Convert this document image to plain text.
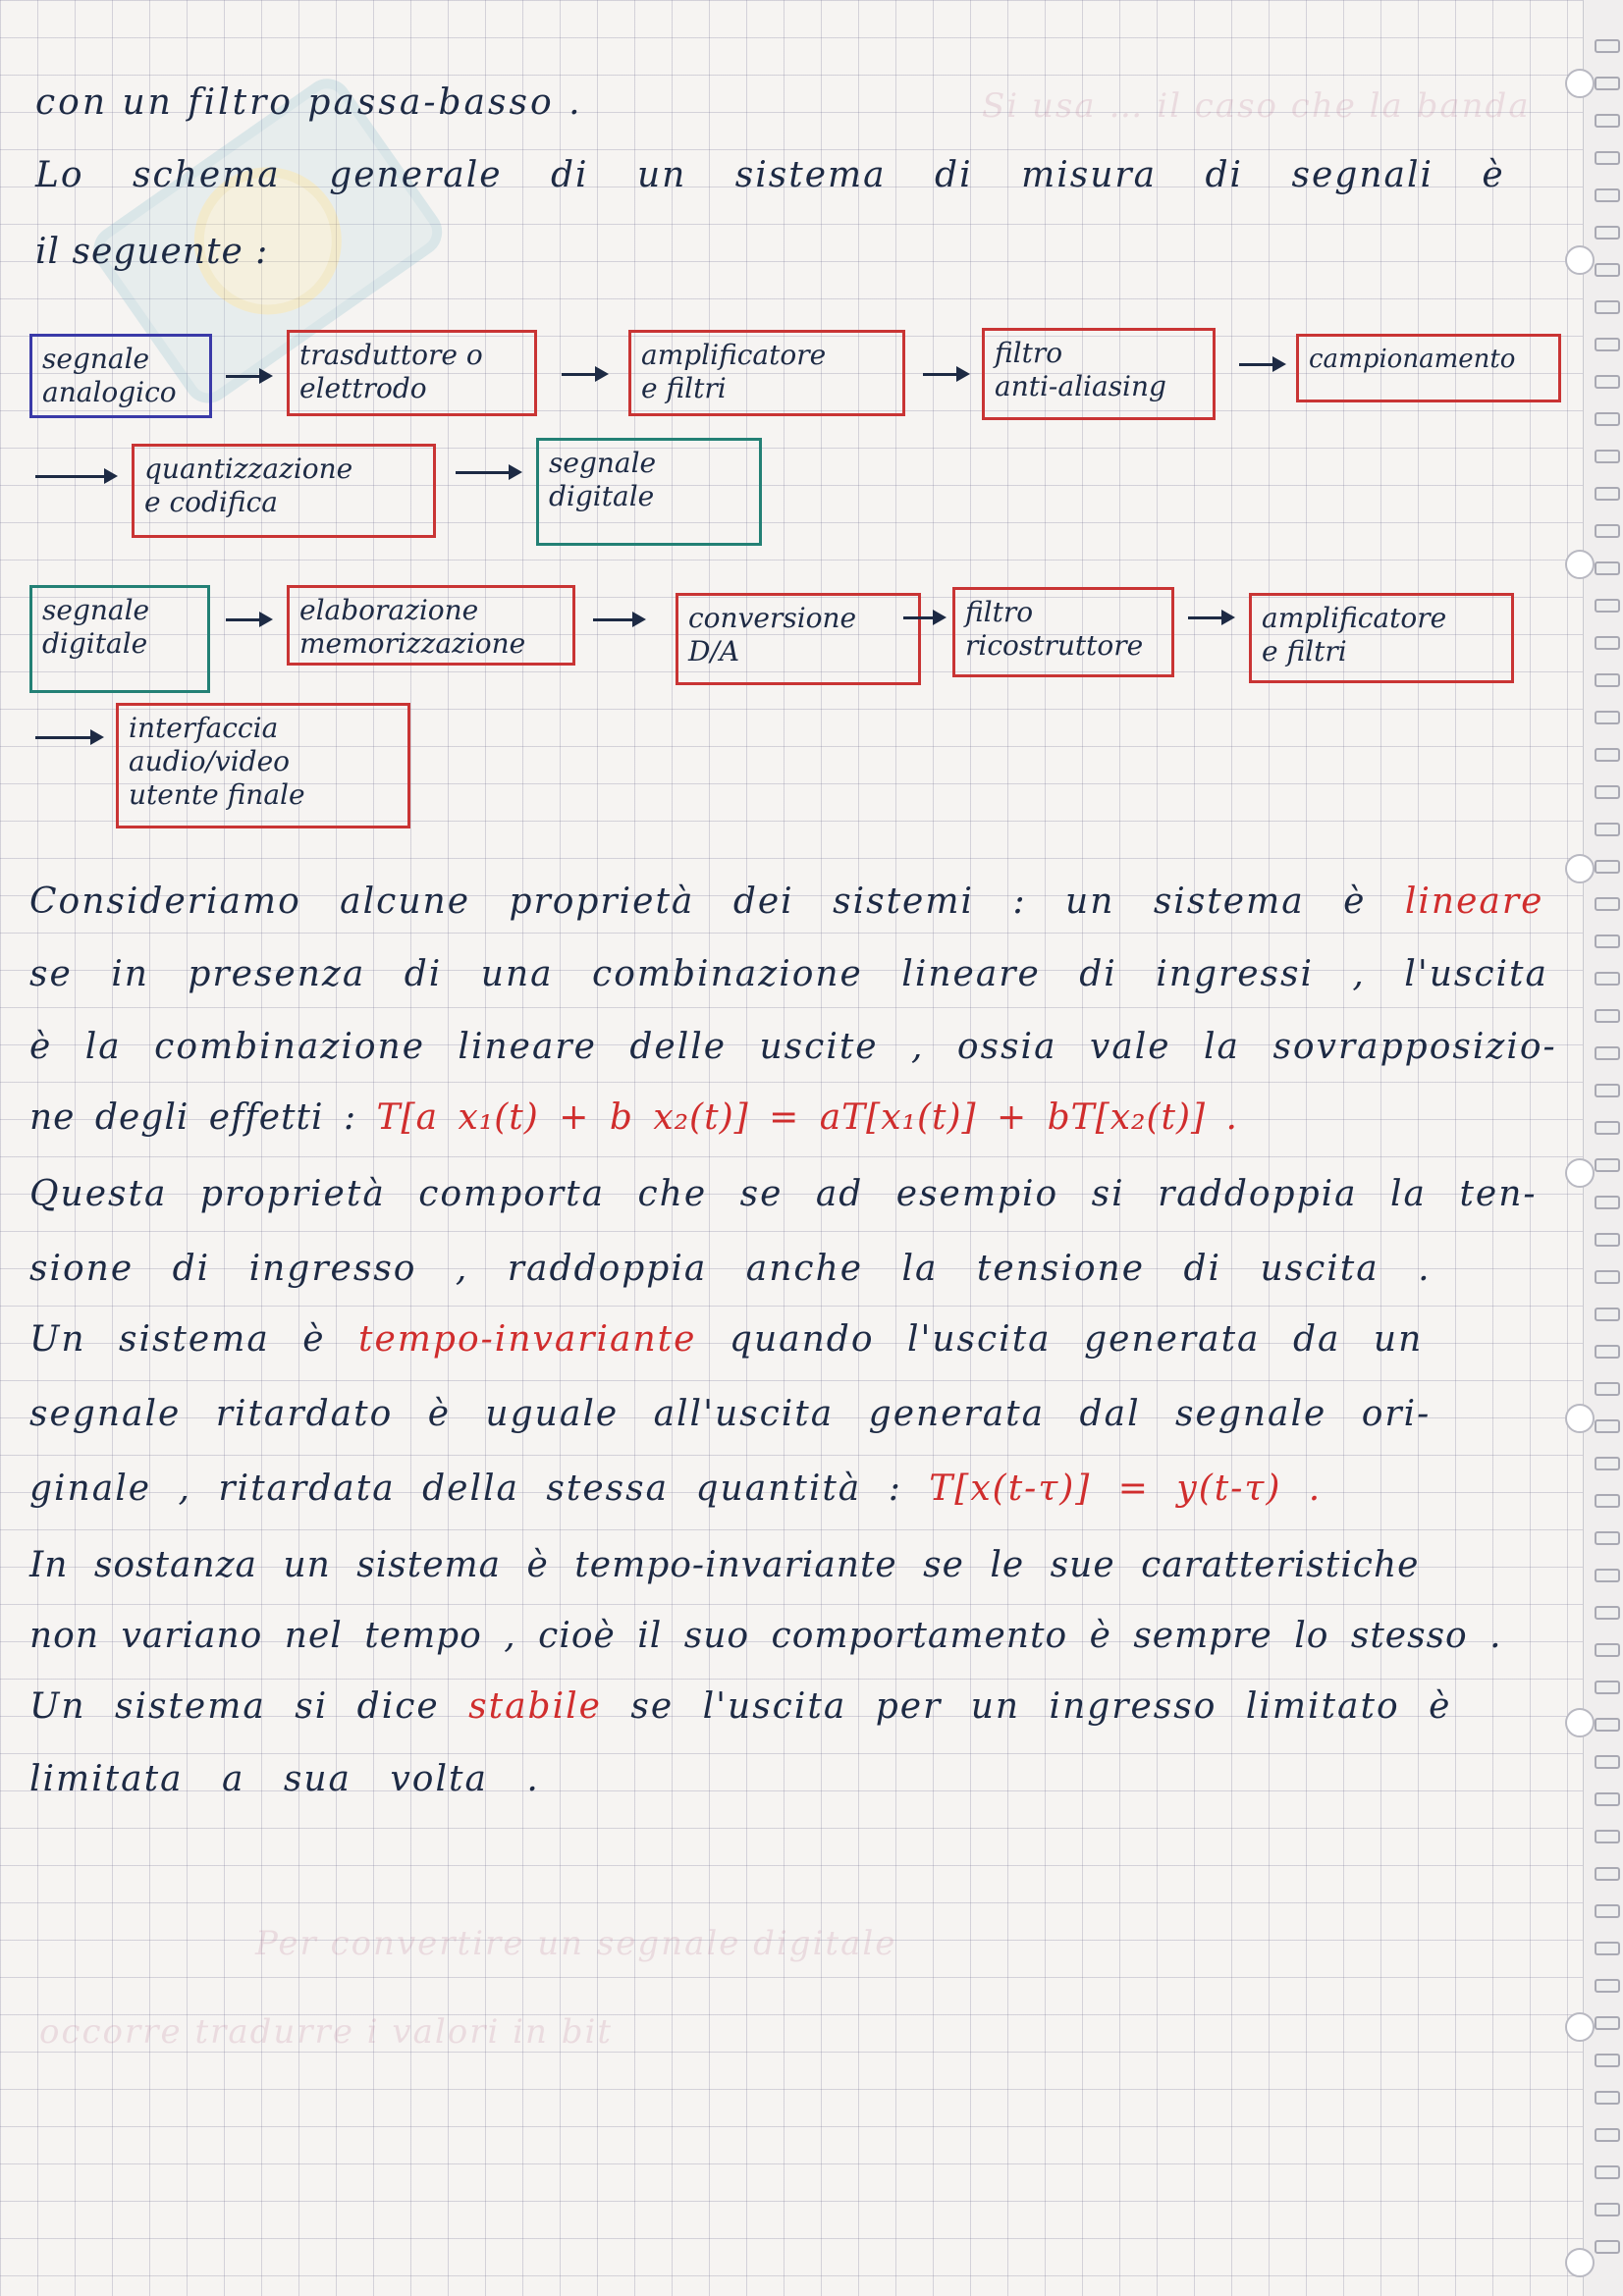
Si usa … il caso che la banda
Per convertire un segnale digitale
occorre tradurre i valori in bit
con un filtro passa-basso .
Lo schema generale di un sistema di misura di segnali è
il seguente :
segnale
analogico
trasduttore o
elettrodo
amplificatore
e filtri
filtro
anti-aliasing
campionamento
quantizzazione
e codifica
segnale
digitale
segnale
digitale
elaborazione
memorizzazione
conversione
D/A
filtro
ricostruttore
amplificatore
e filtri
interfaccia
audio/video
utente finale
Consideriamo alcune proprietà dei sistemi : un sistema è lineare
se in presenza di una combinazione lineare di ingressi , l'uscita
è la combinazione lineare delle uscite , ossia vale la sovrapposizio-
ne degli effetti : T[a x₁(t) + b x₂(t)] = aT[x₁(t)] + bT[x₂(t)] .
Questa proprietà comporta che se ad esempio si raddoppia la ten-
sione di ingresso , raddoppia anche la tensione di uscita .
Un sistema è tempo-invariante quando l'uscita generata da un
segnale ritardato è uguale all'uscita generata dal segnale ori-
ginale , ritardata della stessa quantità : T[x(t-τ)] = y(t-τ) .
In sostanza un sistema è tempo-invariante se le sue caratteristiche
non variano nel tempo , cioè il suo comportamento è sempre lo stesso .
Un sistema si dice stabile se l'uscita per un ingresso limitato è
limitata a sua volta .
